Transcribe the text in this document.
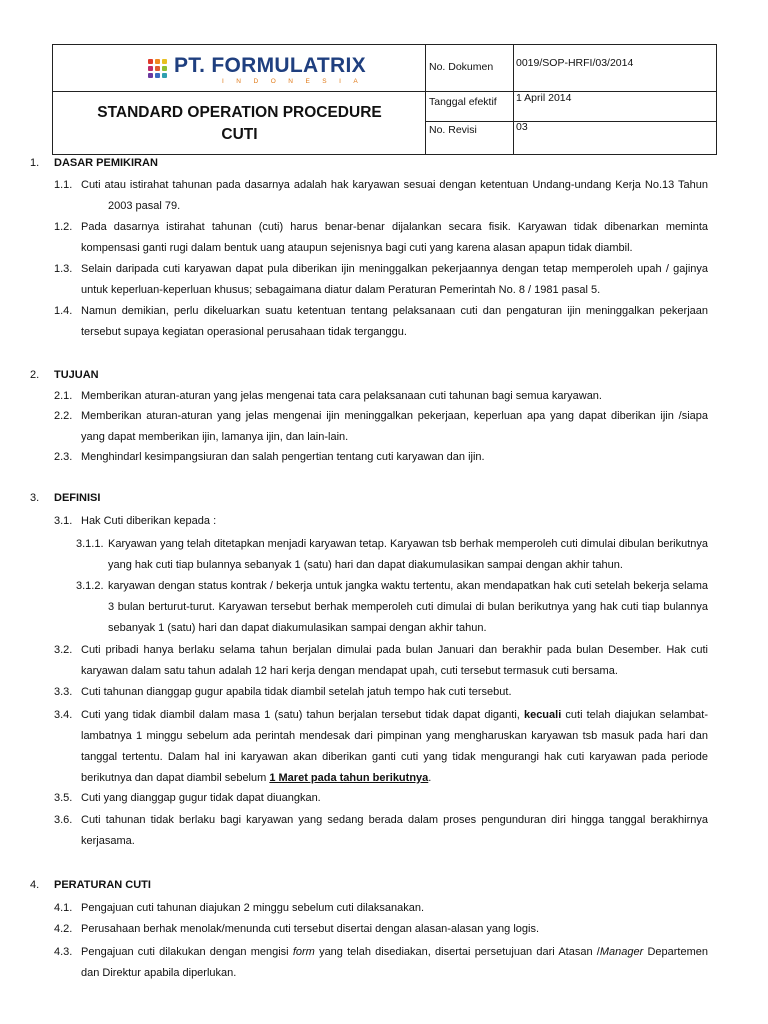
PT. FORMULATRIX
INDONESIA
STANDARD OPERATION PROCEDURE
CUTI
No. Dokumen 0019/SOP-HRFI/03/2014
Tanggal efektif 1 April 2014
No. Revisi	03
1. DASAR PEMIKIRAN
1.1. Cuti atau istirahat tahunan pada dasarnya adalah hak karyawan sesuai dengan ketentuan Undang-undang Kerja No.13 Tahun 2003 pasal 79.
1.2. Pada dasarnya istirahat tahunan (cuti) harus benar-benar dijalankan secara fisik. Karyawan tidak dibenarkan meminta kompensasi ganti rugi dalam bentuk uang ataupun sejenisnya bagi cuti yang karena alasan apapun tidak diambil.
1.3. Selain daripada cuti karyawan dapat pula diberikan ijin meninggalkan pekerjaannya dengan tetap memperoleh upah / gajinya untuk keperluan-keperluan khusus; sebagaimana diatur dalam Peraturan Pemerintah No. 8 / 1981 pasal 5.
1.4. Namun demikian, perlu dikeluarkan suatu ketentuan tentang pelaksanaan cuti dan pengaturan ijin meninggalkan pekerjaan tersebut supaya kegiatan operasional perusahaan tidak terganggu.
2. TUJUAN
2.1. Memberikan aturan-aturan yang jelas mengenai tata cara pelaksanaan cuti tahunan bagi semua karyawan.
2.2. Memberikan aturan-aturan yang jelas mengenai ijin meninggalkan pekerjaan, keperluan apa yang dapat diberikan ijin /siapa yang dapat memberikan ijin, lamanya ijin, dan lain-lain.
2.3. Menghindarl kesimpangsiuran dan salah pengertian tentang cuti karyawan dan ijin.
3. DEFINISI
3.1. Hak Cuti diberikan kepada :
3.1.1. Karyawan yang telah ditetapkan menjadi karyawan tetap. Karyawan tsb berhak memperoleh cuti dimulai dibulan berikutnya yang hak cuti tiap bulannya sebanyak 1 (satu) hari dan dapat diakumulasikan sampai dengan akhir tahun.
3.1.2. karyawan dengan status kontrak / bekerja untuk jangka waktu tertentu, akan mendapatkan hak cuti setelah bekerja selama 3 bulan berturut-turut. Karyawan tersebut berhak memperoleh cuti dimulai di bulan berikutnya yang hak cuti tiap bulannya sebanyak 1 (satu) hari dan dapat diakumulasikan sampai dengan akhir tahun.
3.2. Cuti pribadi hanya berlaku selama tahun berjalan dimulai pada bulan Januari dan berakhir pada bulan Desember. Hak cuti karyawan dalam satu tahun adalah 12 hari kerja dengan mendapat upah, cuti tersebut termasuk cuti bersama.
3.3. Cuti tahunan dianggap gugur apabila tidak diambil setelah jatuh tempo hak cuti tersebut.
3.4. Cuti yang tidak diambil dalam masa 1 (satu) tahun berjalan tersebut tidak dapat diganti, kecuali cuti telah diajukan selambat-lambatnya 1 minggu sebelum ada perintah mendesak dari pimpinan yang mengharuskan karyawan tsb masuk pada hari dan tanggal tertentu. Dalam hal ini karyawan akan diberikan ganti cuti yang tidak mengurangi hak cuti karyawan pada periode berikutnya dan dapat diambil sebelum 1 Maret pada tahun berikutnya.
3.5. Cuti yang dianggap gugur tidak dapat diuangkan.
3.6. Cuti tahunan tidak berlaku bagi karyawan yang sedang berada dalam proses pengunduran diri hingga tanggal berakhirnya kerjasama.
4. PERATURAN CUTI
4.1. Pengajuan cuti tahunan diajukan 2 minggu sebelum cuti dilaksanakan.
4.2. Perusahaan berhak menolak/menunda cuti tersebut disertai dengan alasan-alasan yang logis.
4.3. Pengajuan cuti dilakukan dengan mengisi form yang telah disediakan, disertai persetujuan dari Atasan /Manager Departemen dan Direktur apabila diperlukan.
